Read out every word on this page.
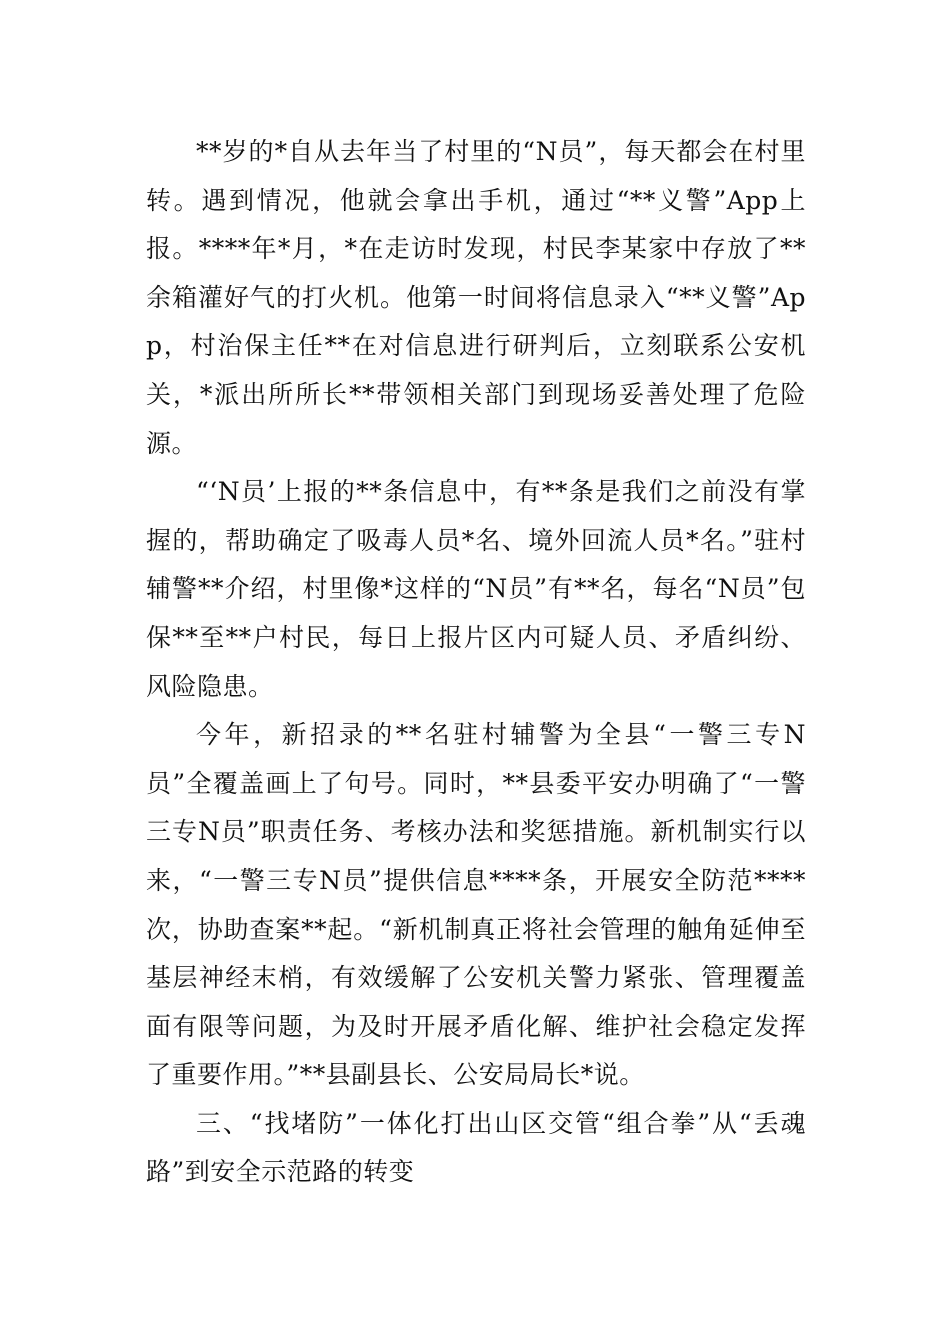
**岁的*自从去年当了村里的“N员”，每天都会在村里转。遇到情况，他就会拿出手机，通过“**义警”App上报。****年*月，*在走访时发现，村民李某家中存放了**余箱灌好气的打火机。他第一时间将信息录入“**义警”App，村治保主任**在对信息进行研判后，立刻联系公安机关，*派出所所长**带领相关部门到现场妥善处理了危险源。

“‘N员’上报的**条信息中，有**条是我们之前没有掌握的，帮助确定了吸毒人员*名、境外回流人员*名。”驻村辅警**介绍，村里像*这样的“N员”有**名，每名“N员”包保**至**户村民，每日上报片区内可疑人员、矛盾纠纷、风险隐患。

今年，新招录的**名驻村辅警为全县“一警三专N员”全覆盖画上了句号。同时，**县委平安办明确了“一警三专N员”职责任务、考核办法和奖惩措施。新机制实行以来，“一警三专N员”提供信息****条，开展安全防范****次，协助查案**起。“新机制真正将社会管理的触角延伸至基层神经末梢，有效缓解了公安机关警力紧张、管理覆盖面有限等问题，为及时开展矛盾化解、维护社会稳定发挥了重要作用。”**县副县长、公安局局长*说。

三、“找堵防”一体化打出山区交管“组合拳”从“丢魂路”到安全示范路的转变
